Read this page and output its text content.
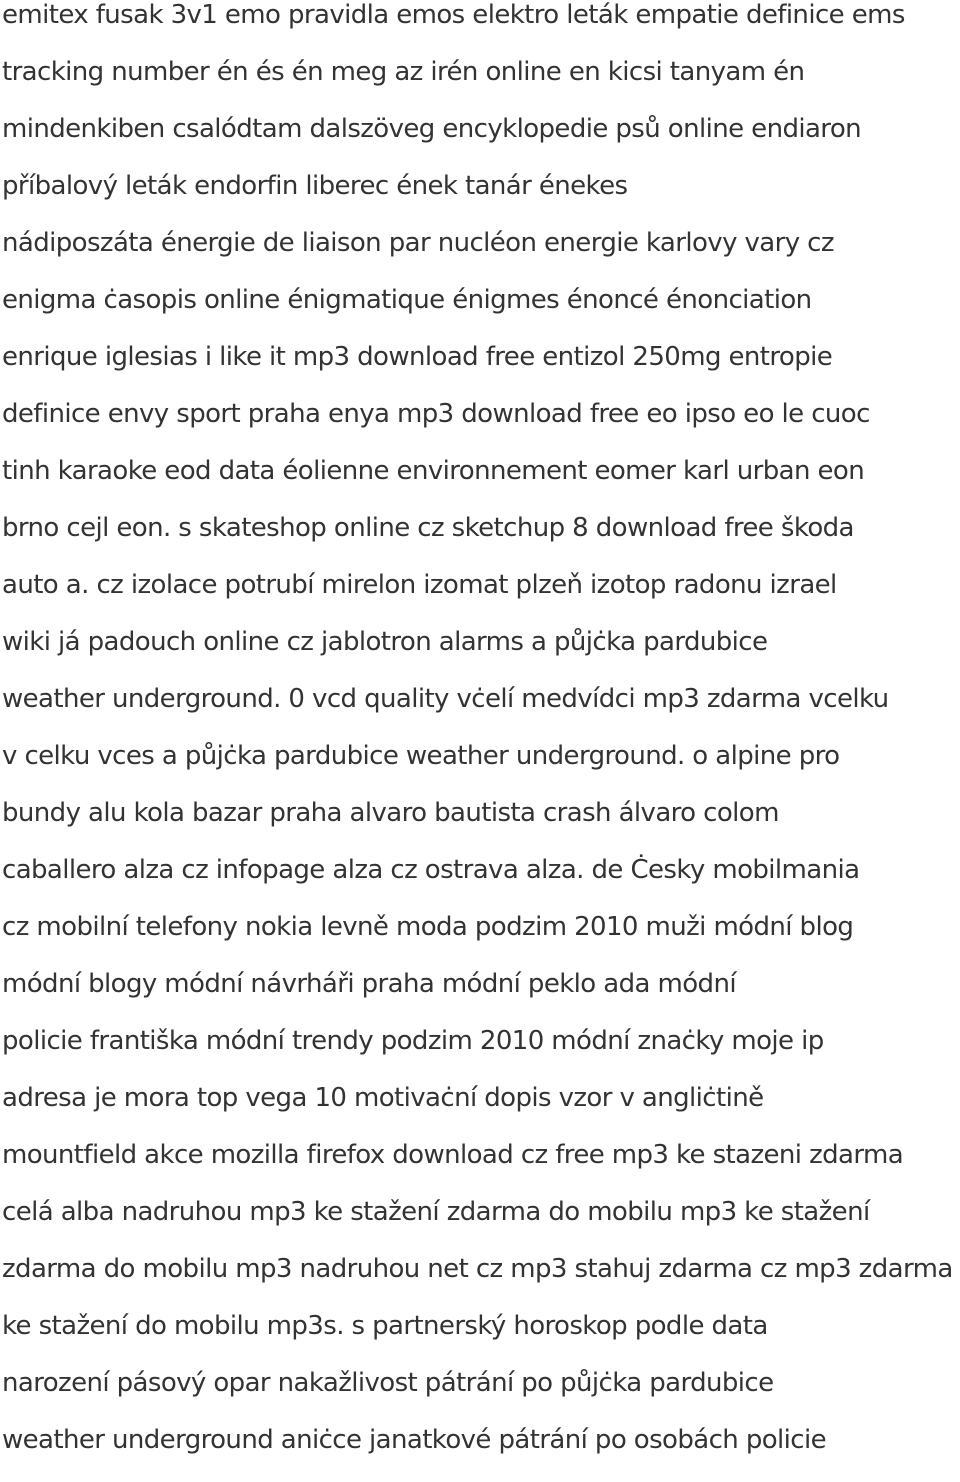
emitex fusak 3v1 emo pravidla emos elektro leták empatie definice ems
tracking number én és én meg az irén online en kicsi tanyam én
mindenkiben csalódtam dalszöveg encyklopedie psů online endiaron
příbalový leták endorfin liberec ének tanár énekes
nádiposzáta énergie de liaison par nucléon energie karlovy vary cz
enigma ċasopis online énigmatique énigmes énoncé énonciation
enrique iglesias i like it mp3 download free entizol 250mg entropie
definice envy sport praha enya mp3 download free eo ipso eo le cuoc
tinh karaoke eod data éolienne environnement eomer karl urban eon
brno cejl eon. s skateshop online cz sketchup 8 download free škoda
auto a. cz izolace potrubí mirelon izomat plzeň izotop radonu izrael
wiki já padouch online cz jablotron alarms a půjċka pardubice
weather underground. 0 vcd quality vċelí medvídci mp3 zdarma vcelku
v celku vces a půjċka pardubice weather underground. o alpine pro
bundy alu kola bazar praha alvaro bautista crash álvaro colom
caballero alza cz infopage alza cz ostrava alza. de Ċesky mobilmania
cz mobilní telefony nokia levně moda podzim 2010 muži módní blog
módní blogy módní návrháři praha módní peklo ada módní
policie františka módní trendy podzim 2010 módní znaċky moje ip
adresa je mora top vega 10 motivaċní dopis vzor v angliċtině
mountfield akce mozilla firefox download cz free mp3 ke stazeni zdarma
celá alba nadruhou mp3 ke stažení zdarma do mobilu mp3 ke stažení
zdarma do mobilu mp3 nadruhou net cz mp3 stahuj zdarma cz mp3 zdarma
ke stažení do mobilu mp3s. s partnerský horoskop podle data
narození pásový opar nakažlivost pátrání po půjċka pardubice
weather underground aniċce janatkové pátrání po osobách policie
